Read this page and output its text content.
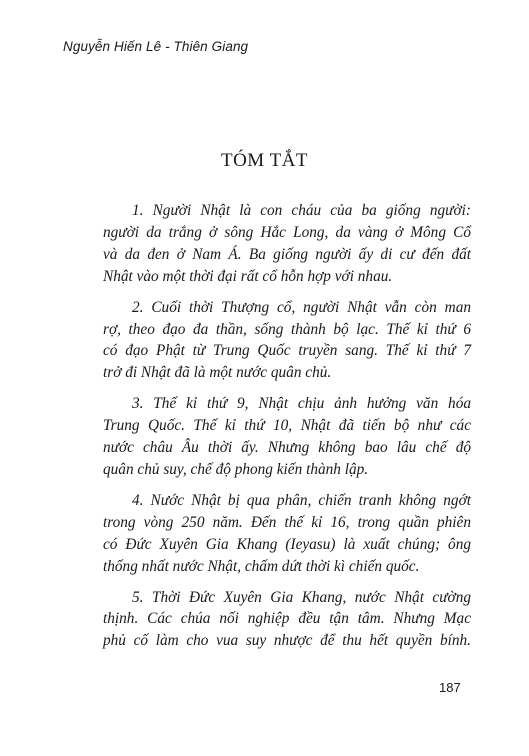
Nguyễn Hiến Lê - Thiên Giang
TÓM TẮT
1. Người Nhật là con cháu của ba giống người:
người da trắng ở sông Hắc Long, da vàng ở Mông Cổ
và da đen ở Nam Á. Ba giống người ấy di cư đến đất
Nhật vào một thời đại rất cổ hỗn hợp với nhau.
2. Cuối thời Thượng cổ, người Nhật vẫn còn man
rợ, theo đạo đa thần, sống thành bộ lạc. Thế kỉ thứ 6
có đạo Phật từ Trung Quốc truyền sang. Thế kỉ thứ 7
trở đi Nhật đã là một nước quân chủ.
3. Thế kỉ thứ 9, Nhật chịu ảnh hưởng văn hóa
Trung Quốc. Thế kỉ thứ 10, Nhật đã tiến bộ như các
nước châu Âu thời ấy. Nhưng không bao lâu chế độ
quân chủ suy, chế độ phong kiến thành lập.
4. Nước Nhật bị qua phân, chiến tranh không ngớt
trong vòng 250 năm. Đến thế kỉ 16, trong quần phiên
có Đức Xuyên Gia Khang (Ieyasu) là xuất chúng; ông
thống nhất nước Nhật, chấm dứt thời kì chiến quốc.
5. Thời Đức Xuyên Gia Khang, nước Nhật cường
thịnh. Các chúa nối nghiệp đều tận tâm. Nhưng Mạc
phủ cố làm cho vua suy nhược để thu hết quyền bính.
187
